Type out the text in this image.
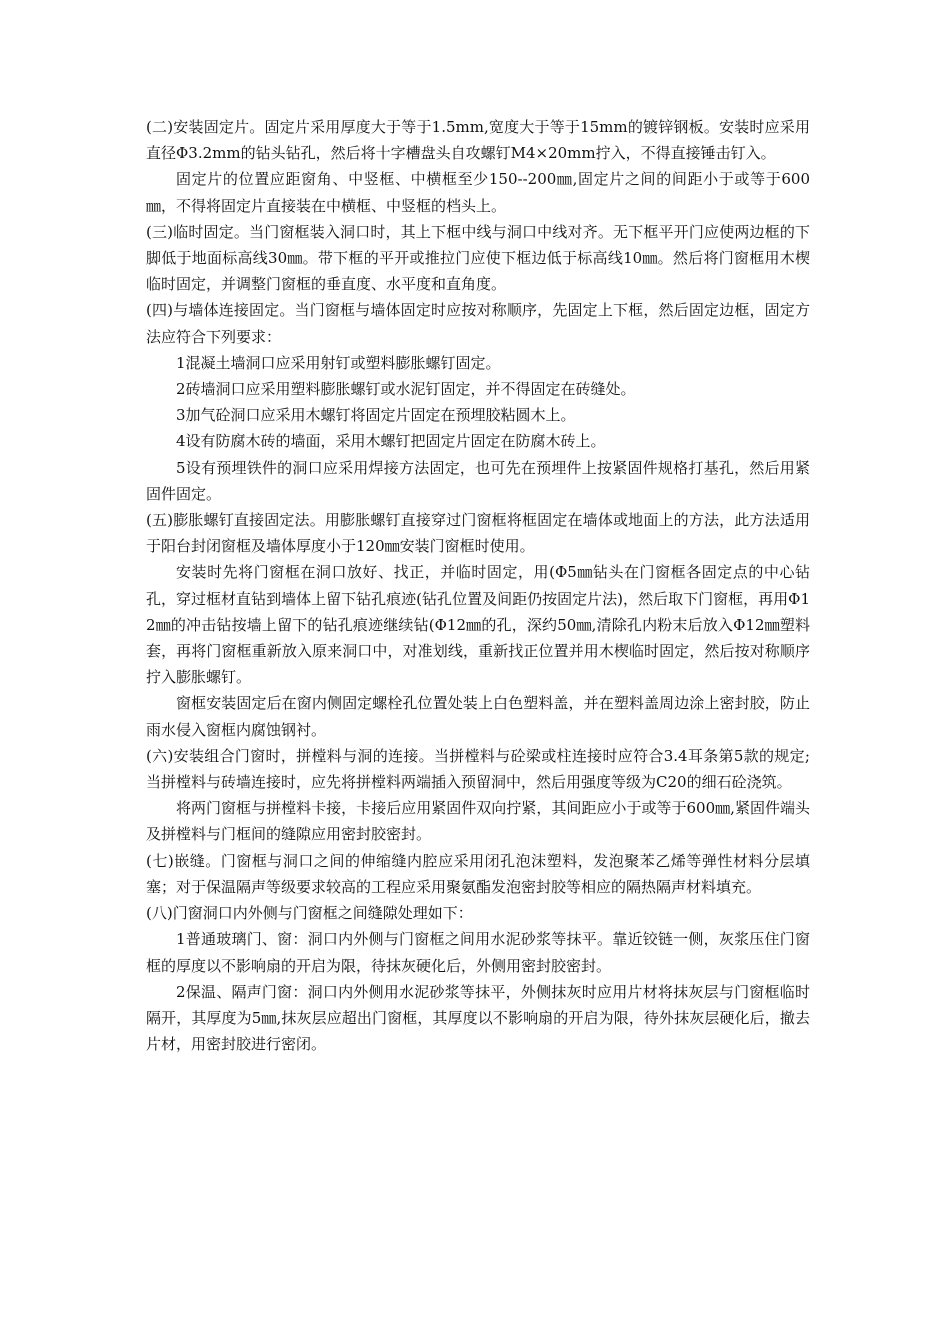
(二)安装固定片。固定片采用厚度大于等于1.5mm,宽度大于等于15mm的镀锌钢板。安装时应采用直径Φ3.2mm的钻头钻孔，然后将十字槽盘头自攻螺钉M4×20mm拧入，不得直接锤击钉入。

固定片的位置应距窗角、中竖框、中横框至少150--200㎜,固定片之间的间距小于或等于600㎜，不得将固定片直接装在中横框、中竖框的档头上。

(三)临时固定。当门窗框装入洞口时，其上下框中线与洞口中线对齐。无下框平开门应使两边框的下脚低于地面标高线30㎜。带下框的平开或推拉门应使下框边低于标高线10㎜。然后将门窗框用木楔临时固定，并调整门窗框的垂直度、水平度和直角度。

(四)与墙体连接固定。当门窗框与墙体固定时应按对称顺序，先固定上下框，然后固定边框，固定方法应符合下列要求：

1混凝土墙洞口应采用射钉或塑料膨胀螺钉固定。

2砖墙洞口应采用塑料膨胀螺钉或水泥钉固定，并不得固定在砖缝处。

3加气砼洞口应采用木螺钉将固定片固定在预埋胶粘圆木上。

4设有防腐木砖的墙面，采用木螺钉把固定片固定在防腐木砖上。

5设有预埋铁件的洞口应采用焊接方法固定，也可先在预埋件上按紧固件规格打基孔，然后用紧固件固定。

(五)膨胀螺钉直接固定法。用膨胀螺钉直接穿过门窗框将框固定在墙体或地面上的方法，此方法适用于阳台封闭窗框及墙体厚度小于120㎜安装门窗框时使用。

安装时先将门窗框在洞口放好、找正，并临时固定，用(Φ5㎜钻头在门窗框各固定点的中心钻孔，穿过框材直钻到墙体上留下钻孔痕迹(钻孔位置及间距仍按固定片法)，然后取下门窗框，再用Φ12㎜的冲击钻按墙上留下的钻孔痕迹继续钻(Φ12㎜的孔，深约50㎜,清除孔内粉末后放入Φ12㎜塑料套，再将门窗框重新放入原来洞口中，对准划线，重新找正位置并用木楔临时固定，然后按对称顺序拧入膨胀螺钉。

窗框安装固定后在窗内侧固定螺栓孔位置处装上白色塑料盖，并在塑料盖周边涂上密封胶，防止雨水侵入窗框内腐蚀钢衬。

(六)安装组合门窗时，拼樘料与洞的连接。当拼樘料与砼梁或柱连接时应符合3.4耳条第5款的规定;当拼樘料与砖墙连接时，应先将拼樘料两端插入预留洞中，然后用强度等级为C20的细石砼浇筑。

将两门窗框与拼樘料卡接，卡接后应用紧固件双向拧紧，其间距应小于或等于600㎜,紧固件端头及拼樘料与门框间的缝隙应用密封胶密封。

(七)嵌缝。门窗框与洞口之间的伸缩缝内腔应采用闭孔泡沫塑料，发泡聚苯乙烯等弹性材料分层填塞；对于保温隔声等级要求较高的工程应采用聚氨酯发泡密封胶等相应的隔热隔声材料填充。

(八)门窗洞口内外侧与门窗框之间缝隙处理如下：

1普通玻璃门、窗：洞口内外侧与门窗框之间用水泥砂浆等抹平。靠近铰链一侧，灰浆压住门窗框的厚度以不影响扇的开启为限，待抹灰硬化后，外侧用密封胶密封。

2保温、隔声门窗：洞口内外侧用水泥砂浆等抹平，外侧抹灰时应用片材将抹灰层与门窗框临时隔开，其厚度为5㎜,抹灰层应超出门窗框，其厚度以不影响扇的开启为限，待外抹灰层硬化后，撤去片材，用密封胶进行密闭。
